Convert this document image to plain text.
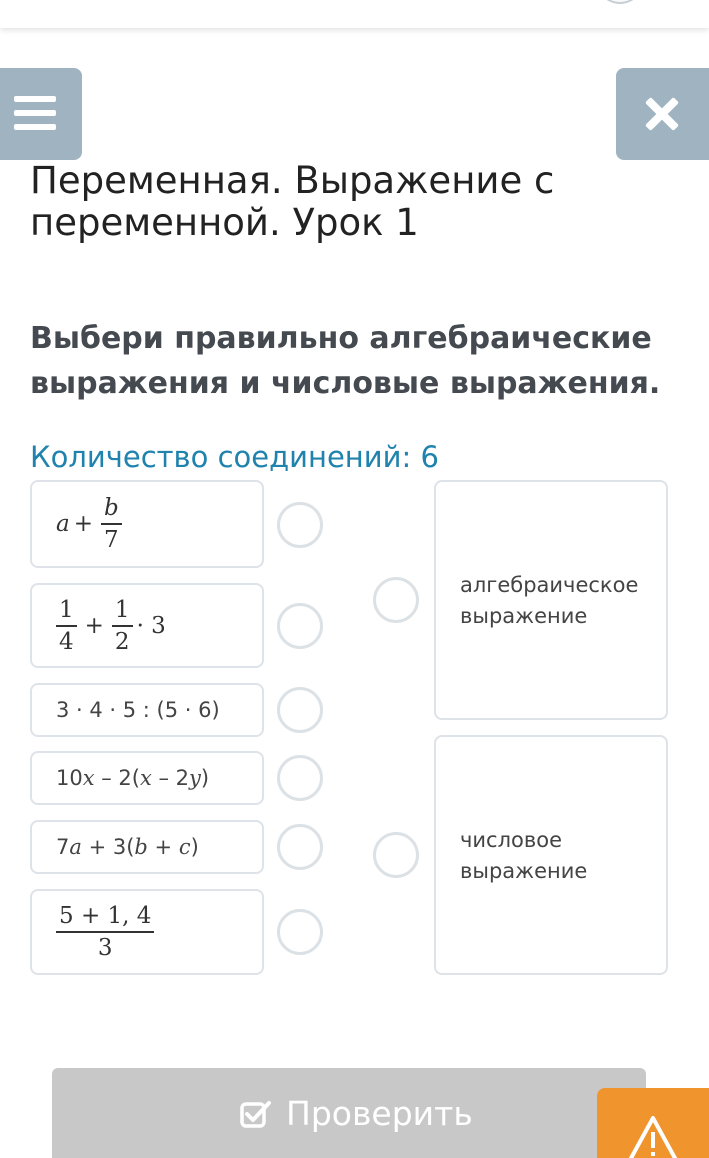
Переменная. Выражение с переменной. Урок 1
Выбери правильно алгебраические выражения и числовые выражения.
Количество соединений: 6
$a + \frac{b}{7}$
$\frac{1}{4} + \frac{1}{2} \cdot 3$
3 · 4 · 5 : (5 · 6)
10x – 2(x – 2y)
7a + 3(b + c)
$\frac{5 + 1, 4}{3}$
алгебраическое выражение
числовое выражение
Проверить
